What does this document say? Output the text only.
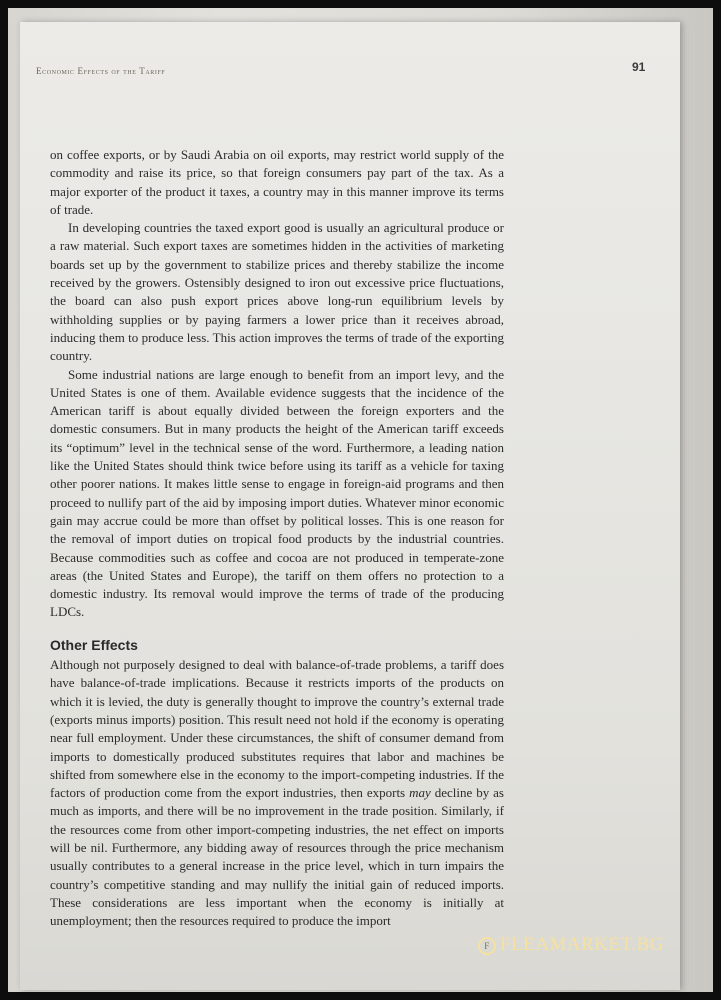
Economic Effects of the Tariff	91

on coffee exports, or by Saudi Arabia on oil exports, may restrict world supply of the commodity and raise its price, so that foreign consumers pay part of the tax. As a major exporter of the product it taxes, a country may in this manner improve its terms of trade.

In developing countries the taxed export good is usually an agricultural produce or a raw material. Such export taxes are sometimes hidden in the activities of marketing boards set up by the government to stabilize prices and thereby stabilize the income received by the growers. Ostensibly designed to iron out excessive price fluctuations, the board can also push export prices above long-run equilibrium levels by withholding supplies or by paying farmers a lower price than it receives abroad, inducing them to produce less. This action improves the terms of trade of the exporting country.

Some industrial nations are large enough to benefit from an import levy, and the United States is one of them. Available evidence suggests that the incidence of the American tariff is about equally divided between the foreign exporters and the domestic consumers. But in many products the height of the American tariff exceeds its “optimum” level in the technical sense of the word. Furthermore, a leading nation like the United States should think twice before using its tariff as a vehicle for taxing other poorer nations. It makes little sense to engage in foreign-aid programs and then proceed to nullify part of the aid by imposing import duties. Whatever minor economic gain may accrue could be more than offset by political losses. This is one reason for the removal of import duties on tropical food products by the industrial countries. Because commodities such as coffee and cocoa are not produced in temperate-zone areas (the United States and Europe), the tariff on them offers no protection to a domestic industry. Its removal would improve the terms of trade of the producing LDCs.

Other Effects

Although not purposely designed to deal with balance-of-trade problems, a tariff does have balance-of-trade implications. Because it restricts imports of the products on which it is levied, the duty is generally thought to improve the country’s external trade (exports minus imports) position. This result need not hold if the economy is operating near full employment. Under these circumstances, the shift of consumer demand from imports to domestically produced substitutes requires that labor and machines be shifted from somewhere else in the economy to the import-competing industries. If the factors of production come from the export industries, then exports may decline by as much as imports, and there will be no improvement in the trade position. Similarly, if the resources come from other import-competing industries, the net effect on imports will be nil. Furthermore, any bidding away of resources through the price mechanism usually contributes to a general increase in the price level, which in turn impairs the country’s competitive standing and may nullify the initial gain of reduced imports. These considerations are less important when the economy is initially at unemployment; then the resources required to produce the import

F FLEAMARKET.BG
